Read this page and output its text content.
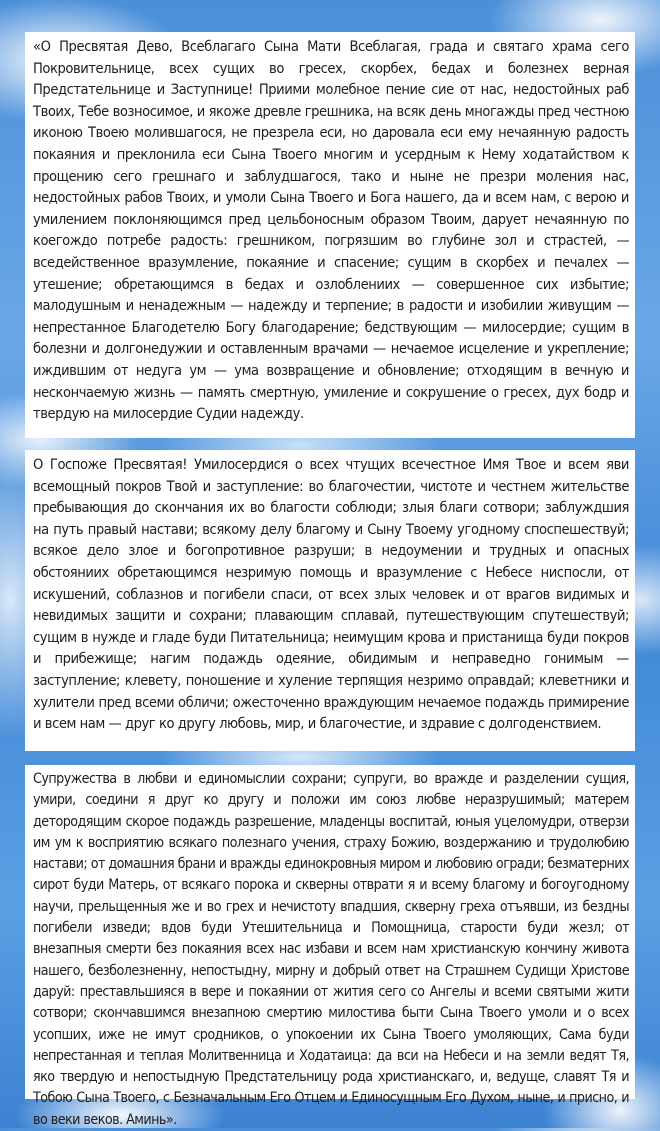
«О Пресвятая Дево, Всеблагаго Сына Мати Всеблагая, града и святаго храма сего Покровительнице, всех сущих во гресех, скорбех, бедах и болезнех верная Предстательнице и Заступнице! Приими молебное пение сие от нас, недостойных раб Твоих, Тебе возносимое, и якоже древле грешника, на всяк день многажды пред честною иконою Твоею молившагося, не презрела еси, но даровала еси ему нечаянную радость покаяния и преклонила еси Сына Твоего многим и усердным к Нему ходатайством к прощению сего грешнаго и заблудшагося, тако и ныне не презри моления нас, недостойных рабов Твоих, и умоли Сына Твоего и Бога нашего, да и всем нам, с верою и умилением поклоняющимся пред цельбоносным образом Твоим, дарует нечаянную по коегождо потребе радость: грешником, погрязшим во глубине зол и страстей, — вседейственное вразумление, покаяние и спасение; сущим в скорбех и печалех — утешение; обретающимся в бедах и озлоблениих — совершенное сих избытие; малодушным и ненадежным — надежду и терпение; в радости и изобилии живущим — непрестанное Благодетелю Богу благодарение; бедствующим — милосердие; сущим в болезни и долгонедужии и оставленным врачами — нечаемое исцеление и укрепление; иждившим от недуга ум — ума возвращение и обновление; отходящим в вечную и нескончаемую жизнь — память смертную, умиление и сокрушение о гресех, дух бодр и твердую на милосердие Судии надежду.

О Госпоже Пресвятая! Умилосердися о всех чтущих всечестное Имя Твое и всем яви всемощный покров Твой и заступление: во благочестии, чистоте и честнем жительстве пребывающия до скончания их во благости соблюди; злыя благи сотвори; заблуждшия на путь правый настави; всякому делу благому и Сыну Твоему угодному споспешествуй; всякое дело злое и богопротивное разруши; в недоумении и трудных и опасных обстояниих обретающимся незримую помощь и вразумление с Небесе ниспосли, от искушений, соблазнов и погибели спаси, от всех злых человек и от врагов видимых и невидимых защити и сохрани; плавающим сплавай, путешествующим спутешествуй; сущим в нужде и гладе буди Питательница; неимущим крова и пристанища буди покров и прибежище; нагим подаждь одеяние, обидимым и неправедно гонимым — заступление; клевету, поношение и хуление терпящия незримо оправдай; клеветники и хулители пред всеми обличи; ожесточенно враждующим нечаемое подаждь примирение и всем нам — друг ко другу любовь, мир, и благочестие, и здравие с долгоденствием.

Супружества в любви и единомыслии сохрани; супруги, во вражде и разделении сущия, умири, соедини я друг ко другу и положи им союз любве неразрушимый; матерем детородящим скорое подаждь разрешение, младенцы воспитай, юныя уцеломудри, отверзи им ум к восприятию всякаго полезнаго учения, страху Божию, воздержанию и трудолюбию настави; от домашния брани и вражды единокровныя миром и любовию огради; безматерних сирот буди Матерь, от всякаго порока и скверны отврати я и всему благому и богоугодному научи, прельщенныя же и во грех и нечистоту впадшия, скверну греха отъявши, из бездны погибели изведи; вдов буди Утешительница и Помощница, старости буди жезл; от внезапныя смерти без покаяния всех нас избави и всем нам христианскую кончину живота нашего, безболезненну, непостыдну, мирну и добрый ответ на Страшнем Судищи Христове даруй: преставльшияся в вере и покаянии от жития сего со Ангелы и всеми святыми жити сотвори; скончавшимся внезапною смертию милостива быти Сына Твоего умоли и о всех усопших, иже не имут сродников, о упокоении их Сына Твоего умоляющих, Сама буди непрестанная и теплая Молитвенница и Ходатаица: да вси на Небеси и на земли ведят Тя, яко твердую и непостыдную Предстательницу рода христианскаго, и, ведуще, славят Тя и Тобою Сына Твоего, с Безначальным Его Отцем и Единосущным Его Духом, ныне, и присно, и во веки веков. Аминь».
